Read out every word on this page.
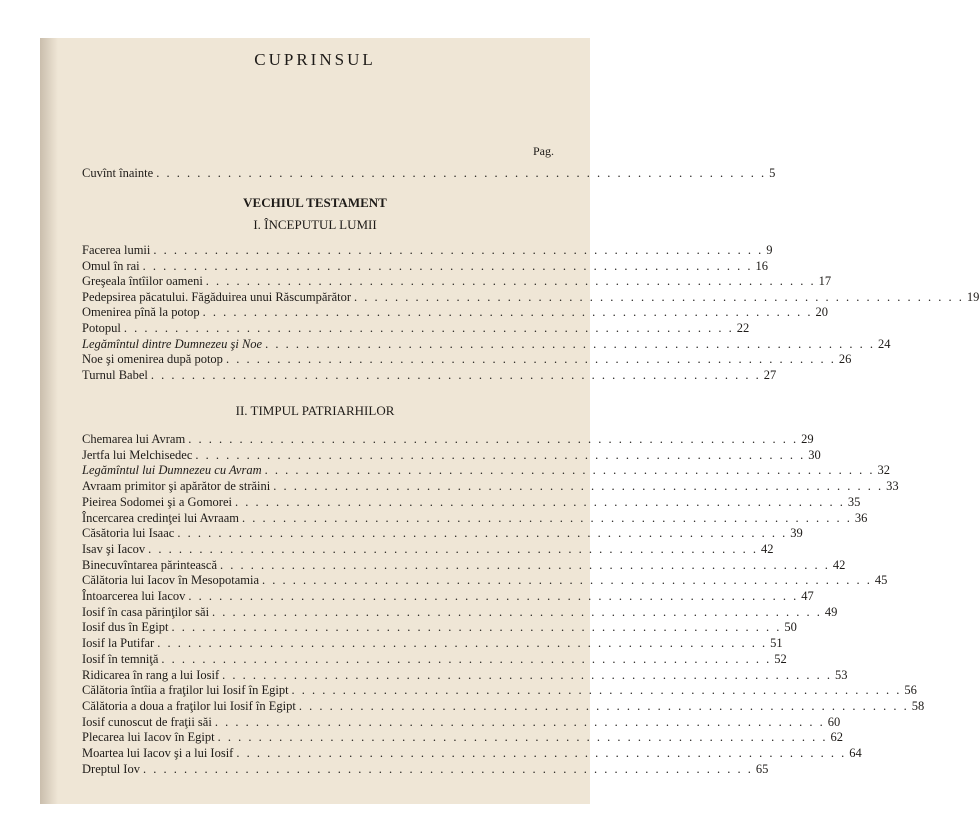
CUPRINSUL
Pag.
Cuvînt înainte . . . . . . . . . . . . . . . . . . . . . . . . . . . . . . . . . . . . . . . . . . . . . . . . . . . . . . . . . . . . 5
VECHIUL TESTAMENT
I. ÎNCEPUTUL LUMII
Facerea lumii . . . . . . . . . . . . . . . . . . . . . . . . . . . . . . . . . . . . . . . . . . . . . . . . . . . . . . . . . . . . 9
Omul în rai . . . . . . . . . . . . . . . . . . . . . . . . . . . . . . . . . . . . . . . . . . . . . . . . . . . . . . . . . . . . 16
Greşeala întîilor oameni . . . . . . . . . . . . . . . . . . . . . . . . . . . . . . . . . . . . . . . . . . . . . . . . . . . . . . . . . . . . 17
Pedepsirea păcatului. Făgăduirea unui Răscumpărător . . . . . . . . . . . . . . . . . . . . . . . . . . . . . . . . . . . . . . . . . . . . . . . . . . . . . . . . . . . . 19
Omenirea pînă la potop . . . . . . . . . . . . . . . . . . . . . . . . . . . . . . . . . . . . . . . . . . . . . . . . . . . . . . . . . . . . 20
Potopul . . . . . . . . . . . . . . . . . . . . . . . . . . . . . . . . . . . . . . . . . . . . . . . . . . . . . . . . . . . . 22
Legămîntul dintre Dumnezeu şi Noe . . . . . . . . . . . . . . . . . . . . . . . . . . . . . . . . . . . . . . . . . . . . . . . . . . . . . . . . . . . . 24
Noe şi omenirea după potop . . . . . . . . . . . . . . . . . . . . . . . . . . . . . . . . . . . . . . . . . . . . . . . . . . . . . . . . . . . . 26
Turnul Babel . . . . . . . . . . . . . . . . . . . . . . . . . . . . . . . . . . . . . . . . . . . . . . . . . . . . . . . . . . . . 27
II. TIMPUL PATRIARHILOR
Chemarea lui Avram . . . . . . . . . . . . . . . . . . . . . . . . . . . . . . . . . . . . . . . . . . . . . . . . . . . . . . . . . . . . 29
Jertfa lui Melchisedec . . . . . . . . . . . . . . . . . . . . . . . . . . . . . . . . . . . . . . . . . . . . . . . . . . . . . . . . . . . . 30
Legămîntul lui Dumnezeu cu Avram . . . . . . . . . . . . . . . . . . . . . . . . . . . . . . . . . . . . . . . . . . . . . . . . . . . . . . . . . . . . 32
Avraam primitor şi apărător de străini . . . . . . . . . . . . . . . . . . . . . . . . . . . . . . . . . . . . . . . . . . . . . . . . . . . . . . . . . . . . 33
Pieirea Sodomei şi a Gomorei . . . . . . . . . . . . . . . . . . . . . . . . . . . . . . . . . . . . . . . . . . . . . . . . . . . . . . . . . . . . 35
Încercarea credinţei lui Avraam . . . . . . . . . . . . . . . . . . . . . . . . . . . . . . . . . . . . . . . . . . . . . . . . . . . . . . . . . . . . 36
Căsătoria lui Isaac . . . . . . . . . . . . . . . . . . . . . . . . . . . . . . . . . . . . . . . . . . . . . . . . . . . . . . . . . . . . 39
Isav şi Iacov . . . . . . . . . . . . . . . . . . . . . . . . . . . . . . . . . . . . . . . . . . . . . . . . . . . . . . . . . . . . 42
Binecuvîntarea părintească . . . . . . . . . . . . . . . . . . . . . . . . . . . . . . . . . . . . . . . . . . . . . . . . . . . . . . . . . . . . 42
Călătoria lui Iacov în Mesopotamia . . . . . . . . . . . . . . . . . . . . . . . . . . . . . . . . . . . . . . . . . . . . . . . . . . . . . . . . . . . . 45
Întoarcerea lui Iacov . . . . . . . . . . . . . . . . . . . . . . . . . . . . . . . . . . . . . . . . . . . . . . . . . . . . . . . . . . . . 47
Iosif în casa părinţilor săi . . . . . . . . . . . . . . . . . . . . . . . . . . . . . . . . . . . . . . . . . . . . . . . . . . . . . . . . . . . . 49
Iosif dus în Egipt . . . . . . . . . . . . . . . . . . . . . . . . . . . . . . . . . . . . . . . . . . . . . . . . . . . . . . . . . . . . 50
Iosif la Putifar . . . . . . . . . . . . . . . . . . . . . . . . . . . . . . . . . . . . . . . . . . . . . . . . . . . . . . . . . . . . 51
Iosif în temniţă . . . . . . . . . . . . . . . . . . . . . . . . . . . . . . . . . . . . . . . . . . . . . . . . . . . . . . . . . . . . 52
Ridicarea în rang a lui Iosif . . . . . . . . . . . . . . . . . . . . . . . . . . . . . . . . . . . . . . . . . . . . . . . . . . . . . . . . . . . . 53
Călătoria întîia a fraţilor lui Iosif în Egipt . . . . . . . . . . . . . . . . . . . . . . . . . . . . . . . . . . . . . . . . . . . . . . . . . . . . . . . . . . . . 56
Călătoria a doua a fraţilor lui Iosif în Egipt . . . . . . . . . . . . . . . . . . . . . . . . . . . . . . . . . . . . . . . . . . . . . . . . . . . . . . . . . . . . 58
Iosif cunoscut de fraţii săi . . . . . . . . . . . . . . . . . . . . . . . . . . . . . . . . . . . . . . . . . . . . . . . . . . . . . . . . . . . . 60
Plecarea lui Iacov în Egipt . . . . . . . . . . . . . . . . . . . . . . . . . . . . . . . . . . . . . . . . . . . . . . . . . . . . . . . . . . . . 62
Moartea lui Iacov şi a lui Iosif . . . . . . . . . . . . . . . . . . . . . . . . . . . . . . . . . . . . . . . . . . . . . . . . . . . . . . . . . . . . 64
Dreptul Iov . . . . . . . . . . . . . . . . . . . . . . . . . . . . . . . . . . . . . . . . . . . . . . . . . . . . . . . . . . . . 65
